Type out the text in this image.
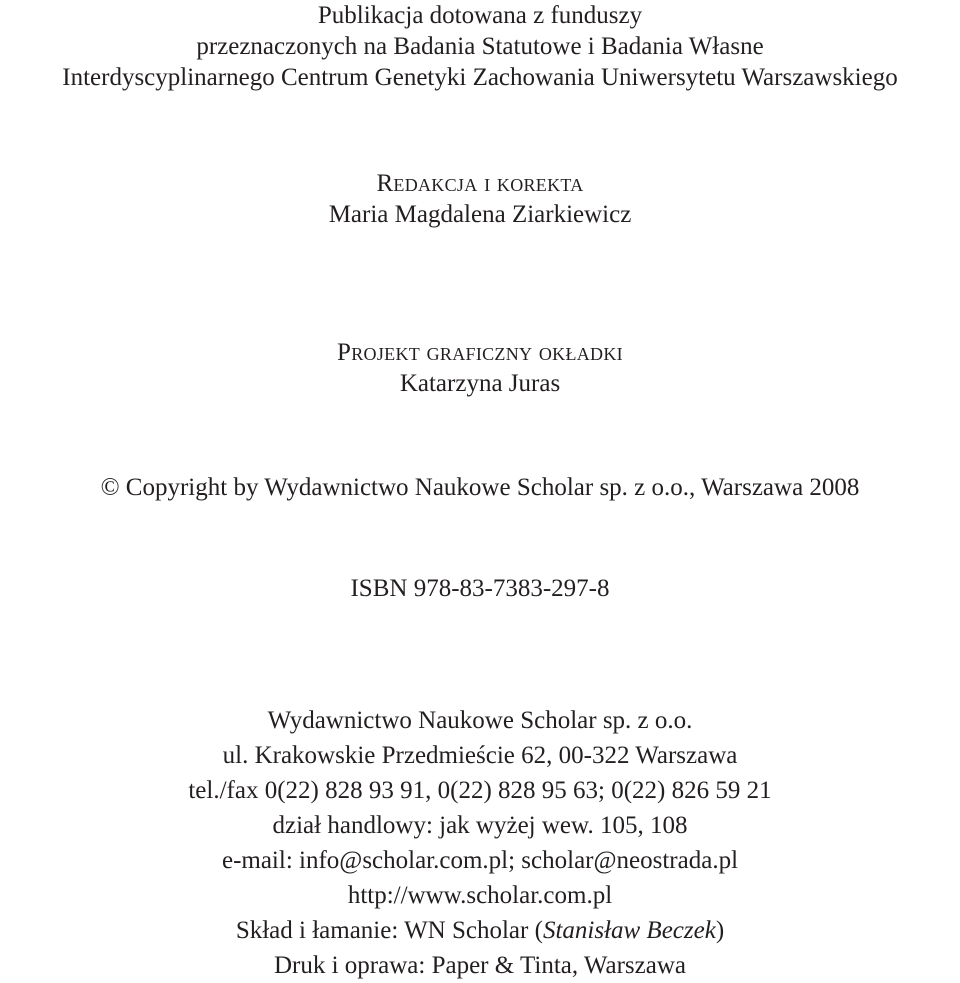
Publikacja dotowana z funduszy
przeznaczonych na Badania Statutowe i Badania Własne
Interdyscyplinarnego Centrum Genetyki Zachowania Uniwersytetu Warszawskiego
Redakcja i korekta
Maria Magdalena Ziarkiewicz
Projekt graficzny okładki
Katarzyna Juras
© Copyright by Wydawnictwo Naukowe Scholar sp. z o.o., Warszawa 2008
ISBN 978-83-7383-297-8
Wydawnictwo Naukowe Scholar sp. z o.o.
ul. Krakowskie Przedmieście 62, 00-322 Warszawa
tel./fax 0(22) 828 93 91, 0(22) 828 95 63; 0(22) 826 59 21
dział handlowy: jak wyżej wew. 105, 108
e-mail: info@scholar.com.pl; scholar@neostrada.pl
http://www.scholar.com.pl
Skład i łamanie: WN Scholar (Stanisław Beczek)
Druk i oprawa: Paper & Tinta, Warszawa
